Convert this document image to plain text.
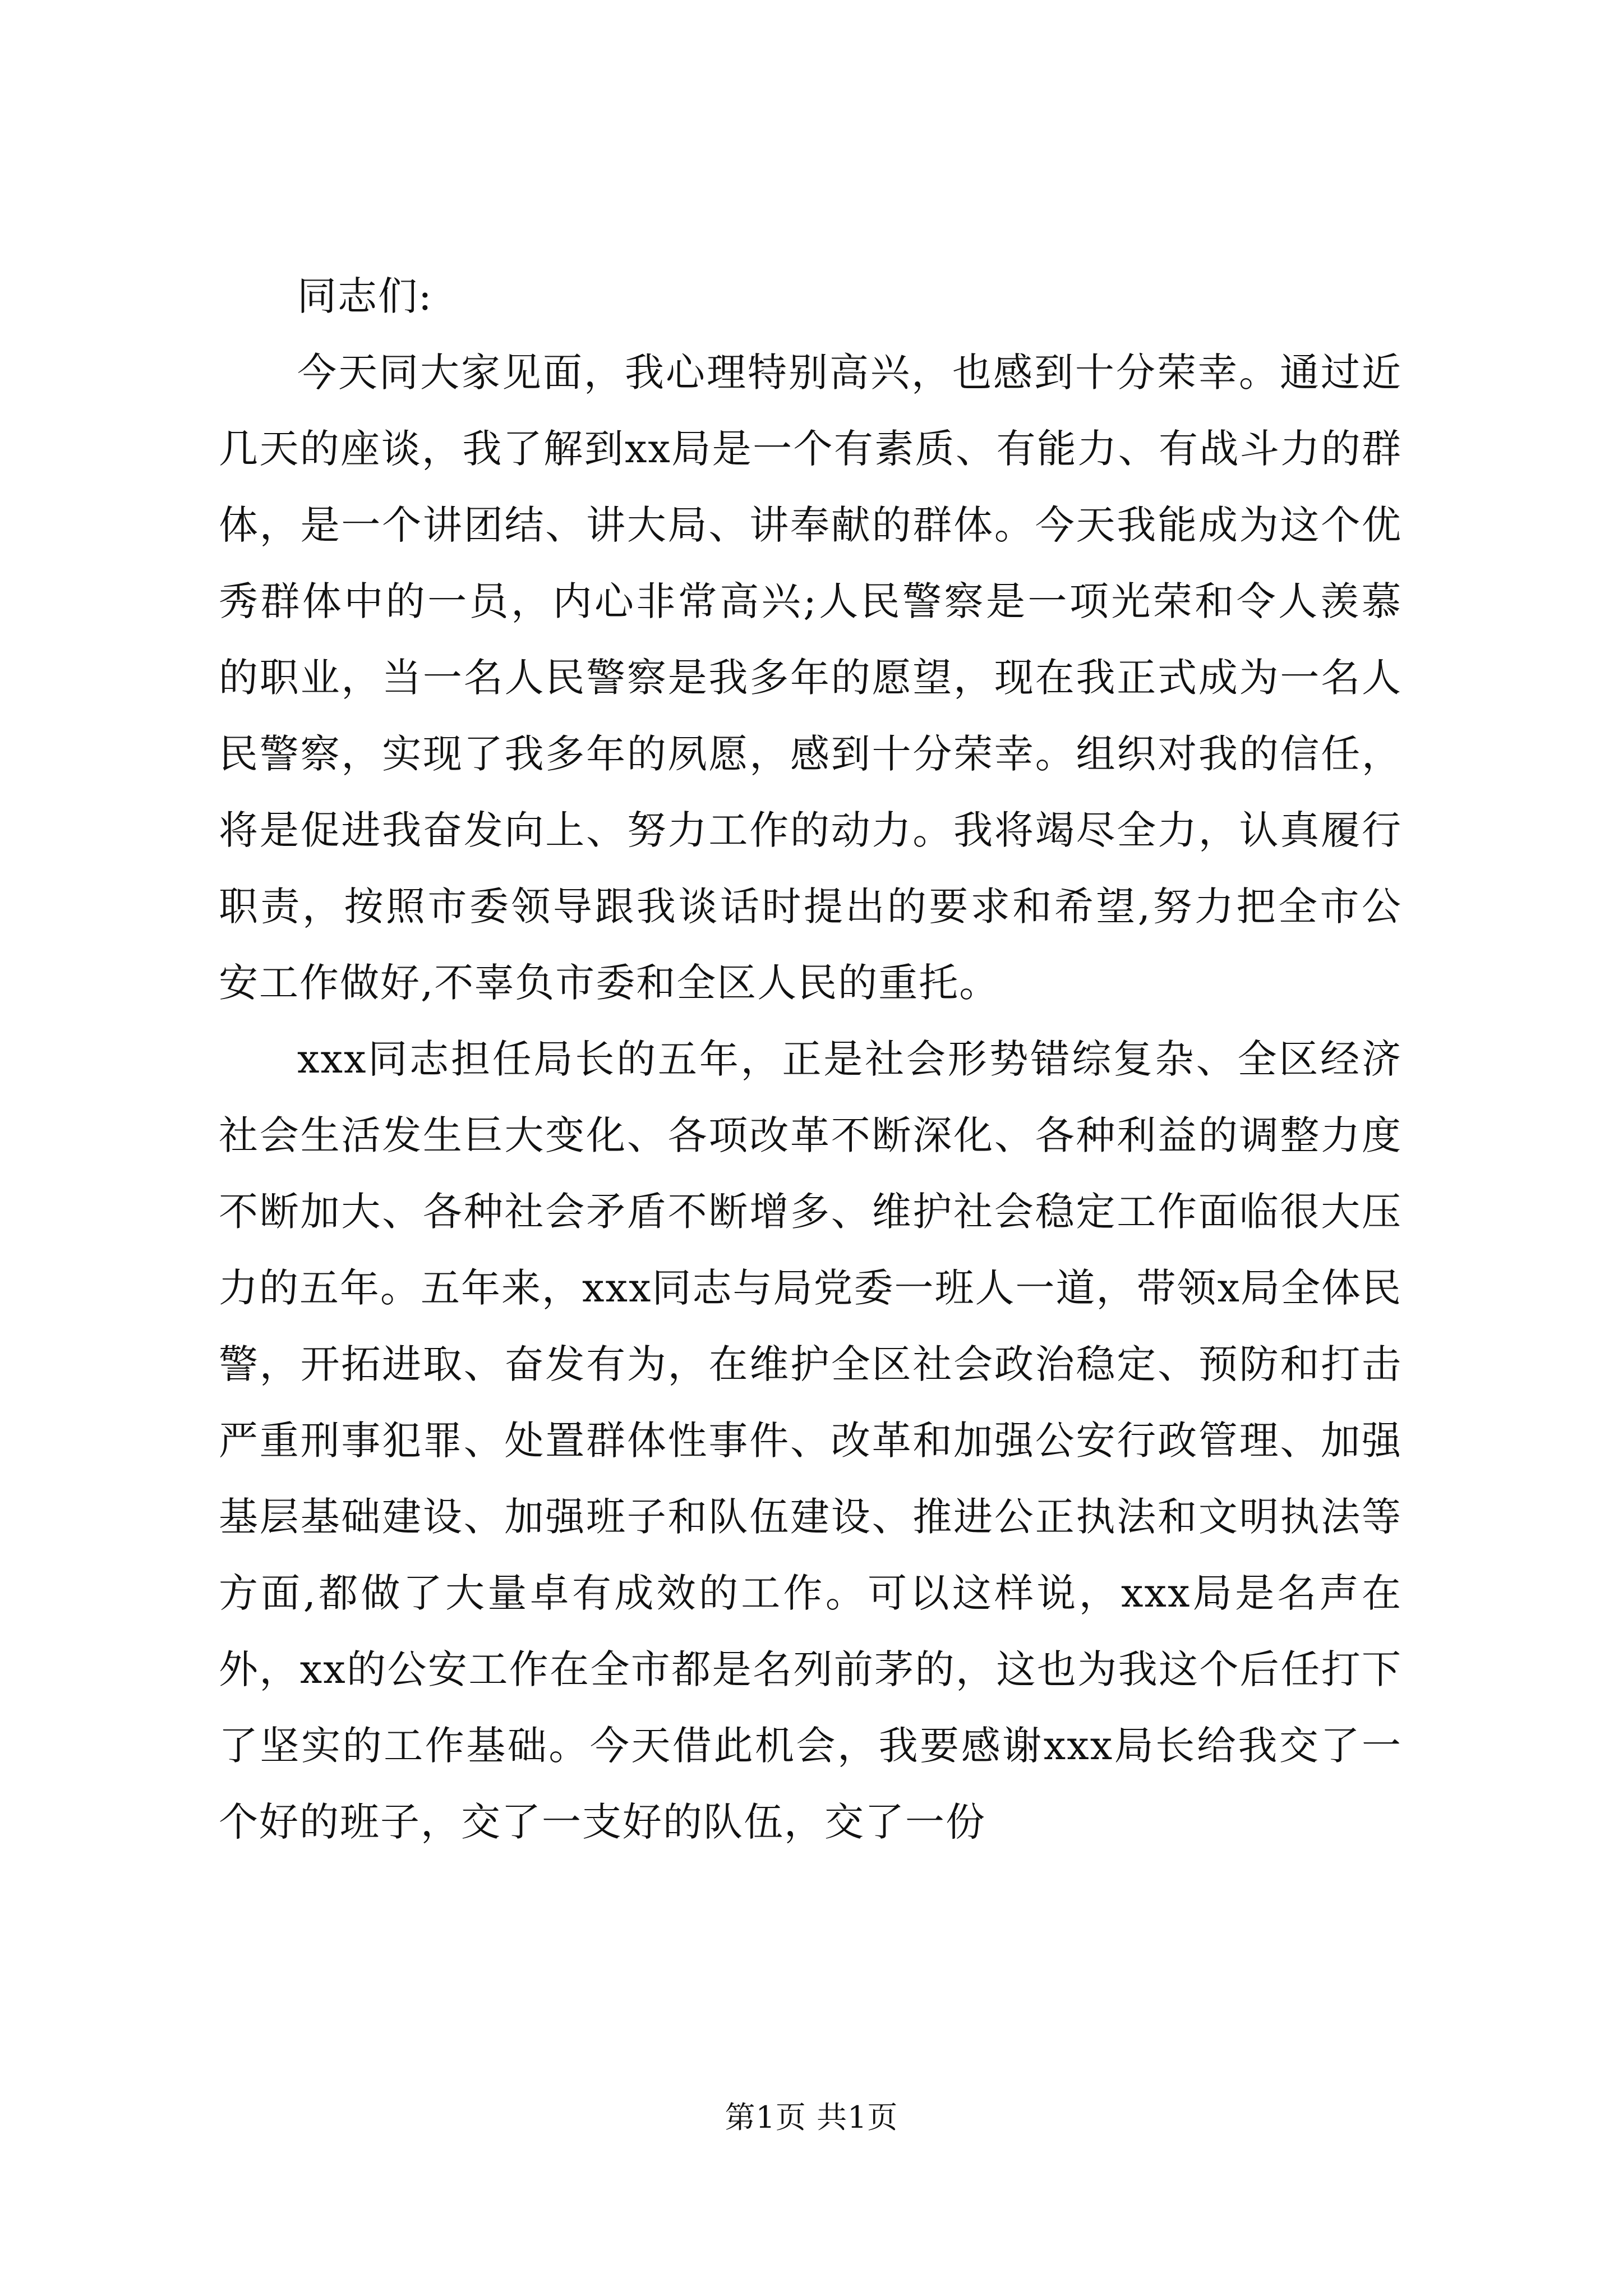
同志们:

今天同大家见面，我心理特别高兴，也感到十分荣幸。通过近几天的座谈，我了解到xx局是一个有素质、有能力、有战斗力的群体，是一个讲团结、讲大局、讲奉献的群体。今天我能成为这个优秀群体中的一员，内心非常高兴;人民警察是一项光荣和令人羡慕的职业，当一名人民警察是我多年的愿望，现在我正式成为一名人民警察，实现了我多年的夙愿，感到十分荣幸。组织对我的信任，将是促进我奋发向上、努力工作的动力。我将竭尽全力，认真履行职责，按照市委领导跟我谈话时提出的要求和希望,努力把全市公安工作做好,不辜负市委和全区人民的重托。

xxx同志担任局长的五年，正是社会形势错综复杂、全区经济社会生活发生巨大变化、各项改革不断深化、各种利益的调整力度不断加大、各种社会矛盾不断增多、维护社会稳定工作面临很大压力的五年。五年来，xxx同志与局党委一班人一道，带领x局全体民警，开拓进取、奋发有为，在维护全区社会政治稳定、预防和打击严重刑事犯罪、处置群体性事件、改革和加强公安行政管理、加强基层基础建设、加强班子和队伍建设、推进公正执法和文明执法等方面,都做了大量卓有成效的工作。可以这样说，xxx局是名声在外，xx的公安工作在全市都是名列前茅的，这也为我这个后任打下了坚实的工作基础。今天借此机会，我要感谢xxx局长给我交了一个好的班子，交了一支好的队伍，交了一份

第1页 共1页
